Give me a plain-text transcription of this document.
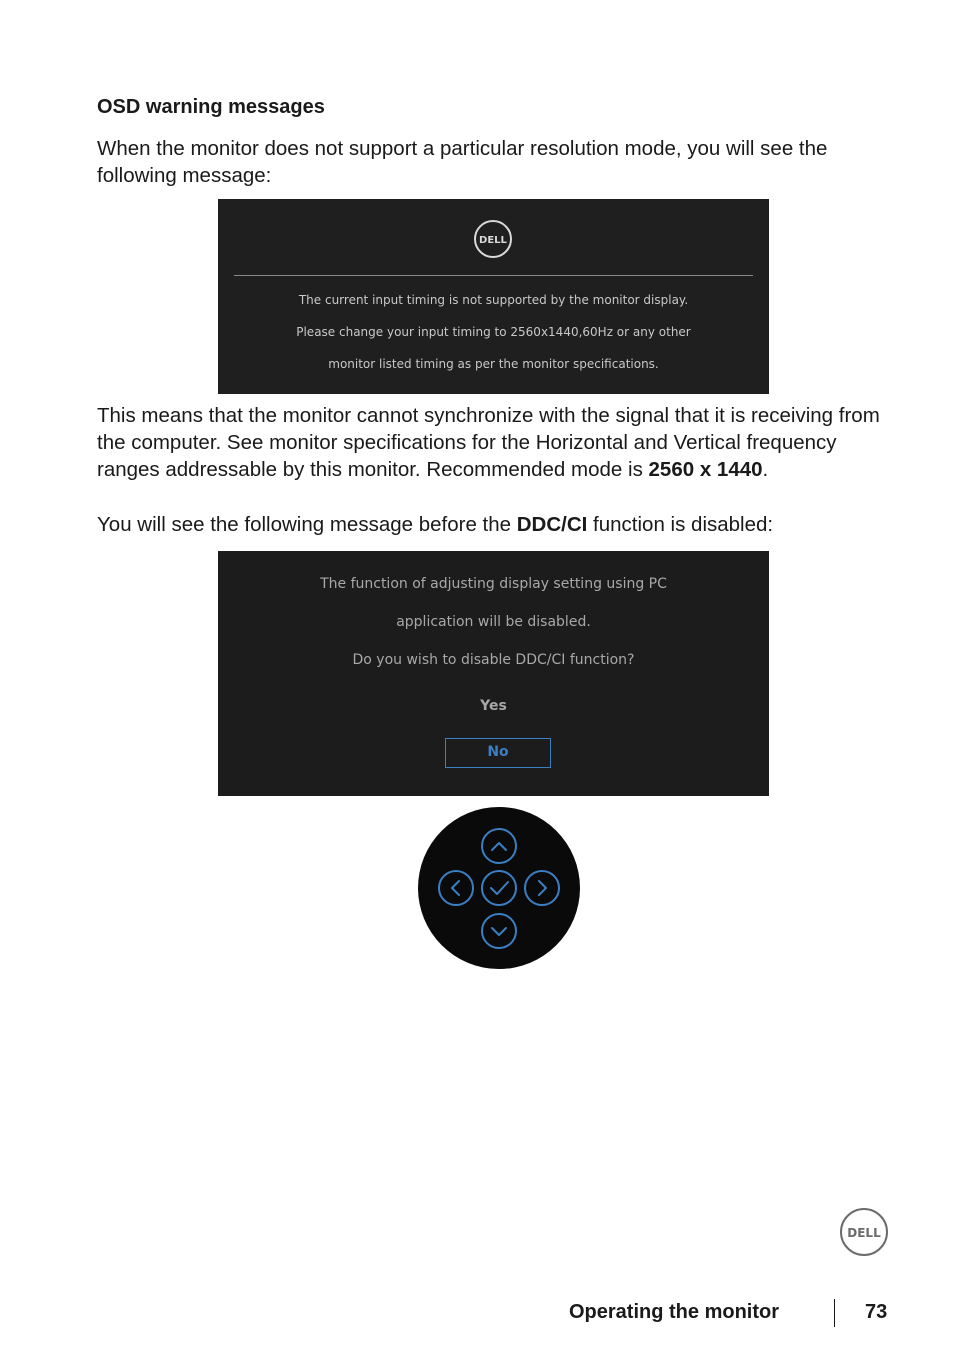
OSD warning messages
When the monitor does not support a particular resolution mode, you will see the following message:
DELL
The current input timing is not supported by the monitor display.
Please change your input timing to 2560x1440,60Hz or any other
monitor listed timing as per the monitor specifications.
This means that the monitor cannot synchronize with the signal that it is receiving from the computer. See monitor specifications for the Horizontal and Vertical frequency ranges addressable by this monitor. Recommended mode is 2560 x 1440.
You will see the following message before the DDC/CI function is disabled:
The function of adjusting display setting using PC
application will be disabled.
Do you wish to disable DDC/CI function?
Yes
No
DELL
Operating the monitor	73
